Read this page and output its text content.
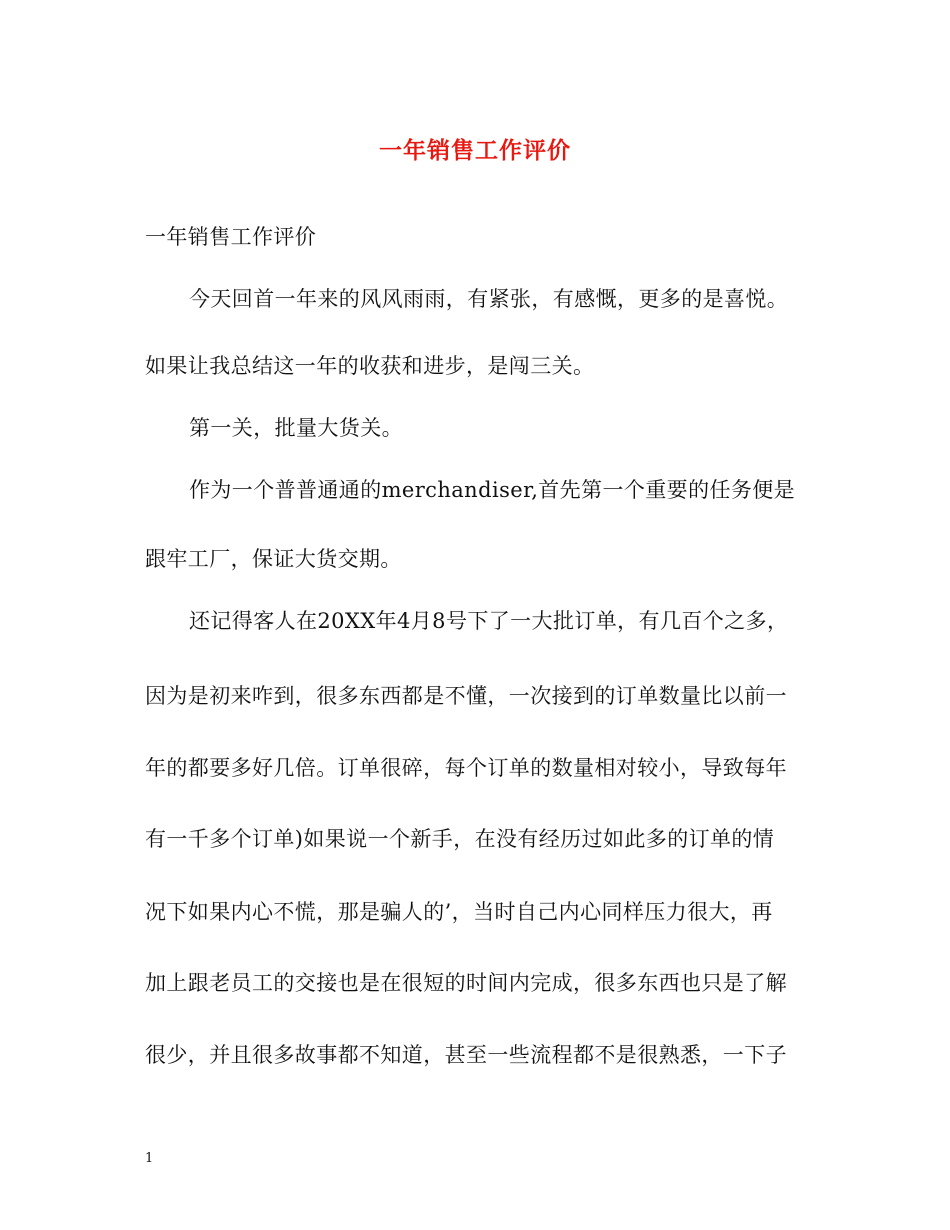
一年销售工作评价
一年销售工作评价
今天回首一年来的风风雨雨，有紧张，有感慨，更多的是喜悦。
如果让我总结这一年的收获和进步，是闯三关。
第一关，批量大货关。
作为一个普普通通的merchandiser,首先第一个重要的任务便是
跟牢工厂，保证大货交期。
还记得客人在20XX年4月8号下了一大批订单，有几百个之多，
因为是初来咋到，很多东西都是不懂，一次接到的订单数量比以前一
年的都要多好几倍。订单很碎，每个订单的数量相对较小，导致每年
有一千多个订单)如果说一个新手，在没有经历过如此多的订单的情
况下如果内心不慌，那是骗人的’，当时自己内心同样压力很大，再
加上跟老员工的交接也是在很短的时间内完成，很多东西也只是了解
很少，并且很多故事都不知道，甚至一些流程都不是很熟悉，一下子
1
